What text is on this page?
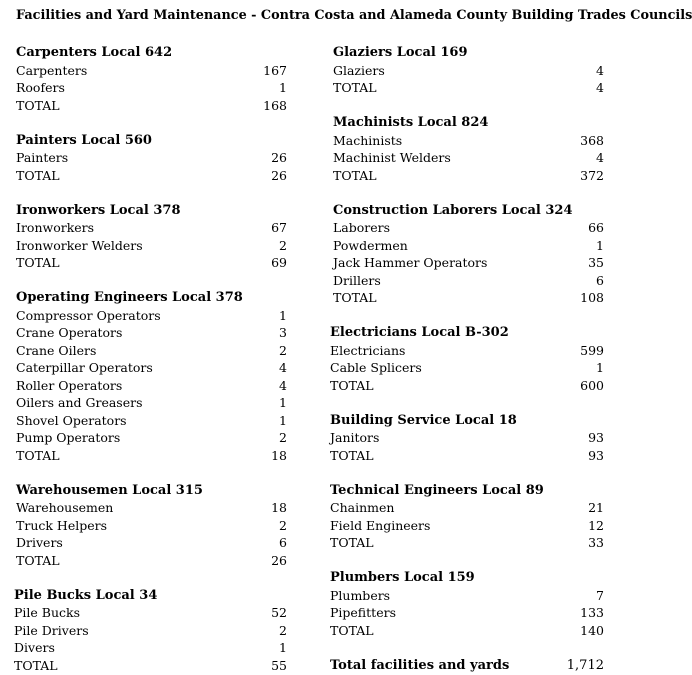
Facilities and Yard Maintenance - Contra Costa and Alameda County Building Trades Councils
Carpenters Local 642
Carpenters	167
Roofers	1
TOTAL	168
Painters Local 560
Painters	26
TOTAL	26
Ironworkers Local 378
Ironworkers	67
Ironworker Welders	2
TOTAL	69
Operating Engineers Local 378
Compressor Operators	1
Crane Operators	3
Crane Oilers	2
Caterpillar Operators	4
Roller Operators	4
Oilers and Greasers	1
Shovel Operators	1
Pump Operators	2
TOTAL	18
Warehousemen Local 315
Warehousemen	18
Truck Helpers	2
Drivers	6
TOTAL	26
Pile Bucks Local 34
Pile Bucks	52
Pile Drivers	2
Divers	1
TOTAL	55
Glaziers Local 169
Glaziers	4
TOTAL	4
Machinists Local 824
Machinists	368
Machinist Welders	4
TOTAL	372
Construction Laborers Local 324
Laborers	66
Powdermen	1
Jack Hammer Operators	35
Drillers	6
TOTAL	108
Electricians Local B-302
Electricians	599
Cable Splicers	1
TOTAL	600
Building Service Local 18
Janitors	93
TOTAL	93
Technical Engineers Local 89
Chainmen	21
Field Engineers	12
TOTAL	33
Plumbers Local 159
Plumbers	7
Pipefitters	133
TOTAL	140
Total facilities and yards	1,712
